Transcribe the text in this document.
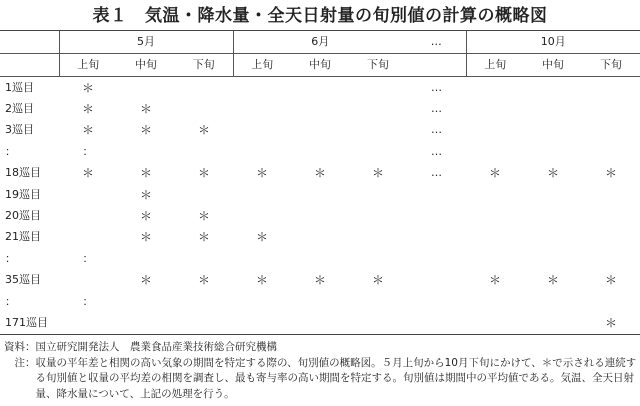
表１　気温・降水量・全天日射量の旬別値の計算の概略図
	5月			6月			…	10月		
	上旬	中旬	下旬	上旬	中旬	下旬		上旬	中旬	下旬
1巡目	＊						…			
2巡目	＊	＊					…			
3巡目	＊	＊	＊				…			
：	：						…			
18巡目	＊	＊	＊	＊	＊	＊	…	＊	＊	＊
19巡目		＊								
20巡目		＊	＊							
21巡目		＊	＊	＊						
：	：									
35巡目		＊	＊	＊	＊	＊		＊	＊	＊
：	：									
171巡目										＊
資料： 国立研究開発法人　農業食品産業技術総合研究機構
　注： 収量の平年差と相関の高い気象の期間を特定する際の、旬別値の概略図。５月上旬から10月下旬にかけて、＊で示される連続する旬別値と収量の平均差の相関を調査し、最も寄与率の高い期間を特定する。旬別値は期間中の平均値である。気温、全天日射量、降水量について、上記の処理を行う。
